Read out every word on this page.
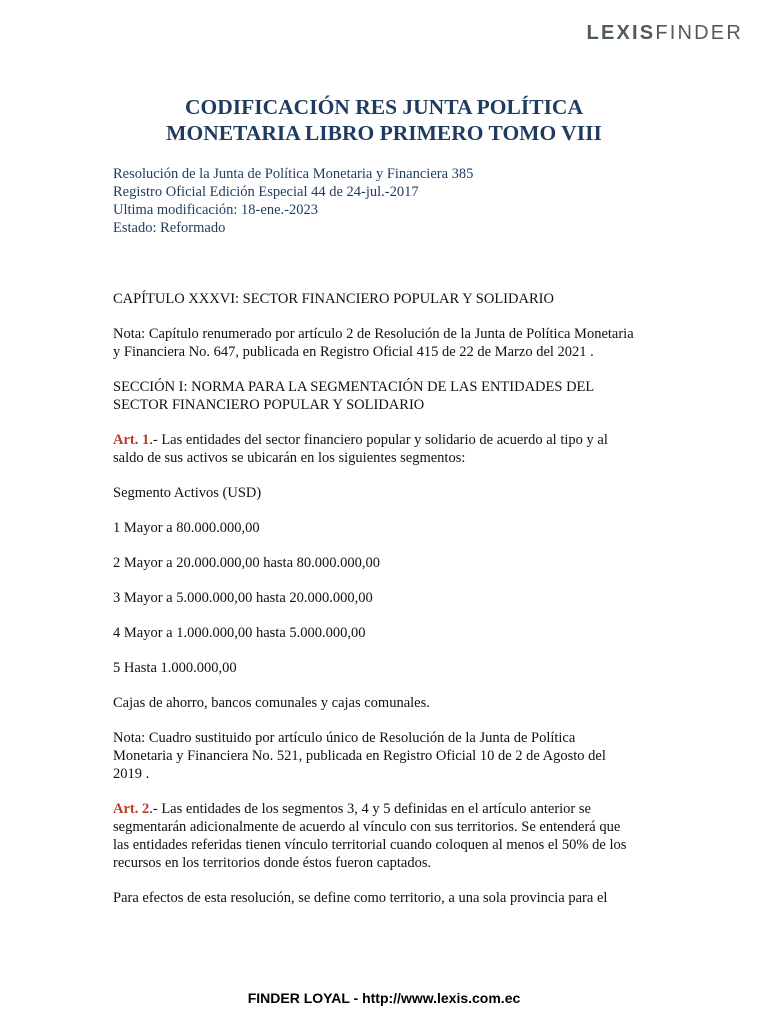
LEXISFINDER
CODIFICACIÓN RES JUNTA POLÍTICA
MONETARIA LIBRO PRIMERO TOMO VIII
Resolución de la Junta de Política Monetaria y Financiera 385
Registro Oficial Edición Especial 44 de 24-jul.-2017
Ultima modificación: 18-ene.-2023
Estado: Reformado

CAPÍTULO XXXVI: SECTOR FINANCIERO POPULAR Y SOLIDARIO

Nota: Capítulo renumerado por artículo 2 de Resolución de la Junta de Política Monetaria
y Financiera No. 647, publicada en Registro Oficial 415 de 22 de Marzo del 2021 .

SECCIÓN I: NORMA PARA LA SEGMENTACIÓN DE LAS ENTIDADES DEL
SECTOR FINANCIERO POPULAR Y SOLIDARIO

Art. 1.- Las entidades del sector financiero popular y solidario de acuerdo al tipo y al
saldo de sus activos se ubicarán en los siguientes segmentos:

Segmento Activos (USD)

1 Mayor a 80.000.000,00

2 Mayor a 20.000.000,00 hasta 80.000.000,00

3 Mayor a 5.000.000,00 hasta 20.000.000,00

4 Mayor a 1.000.000,00 hasta 5.000.000,00

5 Hasta 1.000.000,00

Cajas de ahorro, bancos comunales y cajas comunales.

Nota: Cuadro sustituido por artículo único de Resolución de la Junta de Política
Monetaria y Financiera No. 521, publicada en Registro Oficial 10 de 2 de Agosto del
2019 .

Art. 2.- Las entidades de los segmentos 3, 4 y 5 definidas en el artículo anterior se
segmentarán adicionalmente de acuerdo al vínculo con sus territorios. Se entenderá que
las entidades referidas tienen vínculo territorial cuando coloquen al menos el 50% de los
recursos en los territorios donde éstos fueron captados.

Para efectos de esta resolución, se define como territorio, a una sola provincia para el

FINDER LOYAL - http://www.lexis.com.ec
